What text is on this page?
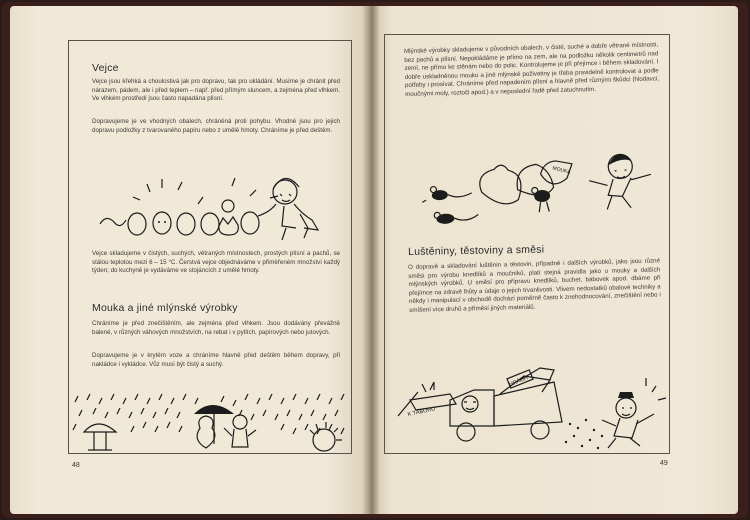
Vejce

Vejce jsou křehká a choulostivá jak pro dopravu, tak pro ukládání. Musíme je chránit před nárazem, pádem, ale i před teplem – např. před přímým sluncem, a zejména před vlhkem. Ve vlhkém prostředí jsou často napadána plísní.

Dopravujeme je ve vhodných obalech, chráněná proti pohybu. Vhodné jsou pro jejich dopravu podložky z tvarovaného papíru nebo z umělé hmoty. Chráníme je před deštěm.

Vejce skladujeme v čistých, suchých, větraných místnostech, prostých plísní a pachů, se stálou teplotou mezi 6 – 15 °C. Čerstvá vejce objednáváme v přiměřeném množství každý týden; do kuchyně je vydáváme ve stojáncích z umělé hmoty.

Mouka a jiné mlýnské výrobky

Chráníme je před znečištěním, ale zejména před vlhkem. Jsou dodávány převážně balené, v různých váhových množstvích, na rebat i v pytlích, papírových nebo jutových.

Dopravujeme je v krytém voze a chráníme hlavně před deštěm během dopravy, při nakládce i vykládce. Vůz musí být čistý a suchý.

48

Mlýnské výrobky skladujeme v původních obalech, v čisté, suché a dobře větrané místnosti, bez pachů a plísní. Nepokládáme je přímo na zem, ale na podložku několik centimetrů nad zemí, ne přímo ke stěnám nebo do polic. Kontrolujeme je při přejímce i během skladování. I dobře uskladněnou mouku a jiné mlýnské poživatiny je třeba pravidelně kontrolovat a podle potřeby i prosívat. Chráníme před napadením plísní a hlavně před různými škůdci (hlodavci, moučnými moly, roztoči apod.) a v neposlední řadě před zatuchnutím.

MOUKA
Luštěniny, těstoviny a směsi

O dopravě a skladování luštěnin a těstovin, případně i dalších výrobků, jako jsou různé směsi pro výrobu knedlíků a moučníků, platí stejná pravidla jako u mouky a dalších mlýnských výrobků. U směsí pro přípravu knedlíků, buchet, bábovek apod. dbáme při přejímce na zdravé lhůty a údaje o jejich trvanlivosti. Vlivem nedostatků obalové techniky a někdy i manipulací v obchodě dochází poměrně často k znehodnocování, znečištění nebo i smíšení více druhů a příměsí jiných materiálů.

K TÁBORU
HRÁCH
49
